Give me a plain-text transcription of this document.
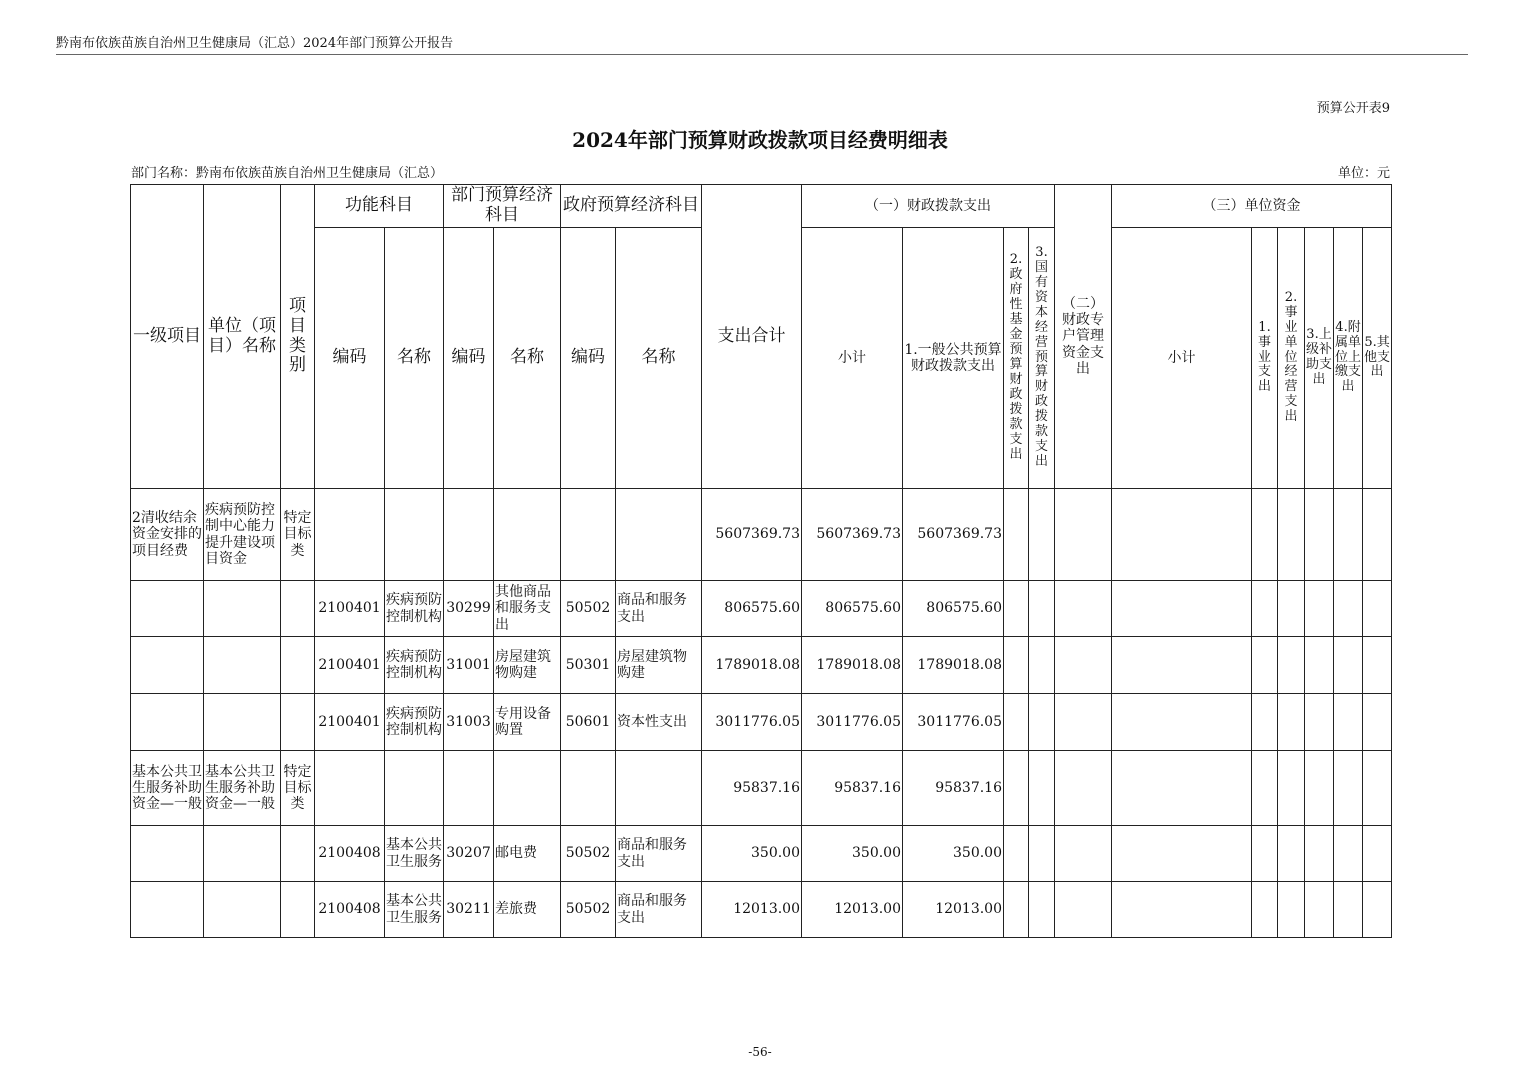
黔南布依族苗族自治州卫生健康局（汇总）2024年部门预算公开报告
预算公开表9
2024年部门预算财政拨款项目经费明细表
部门名称：黔南布依族苗族自治州卫生健康局（汇总）	单位：元
一级项目	单位（项目）名称	项目类别	功能科目		部门预算经济科目		政府预算经济科目		支出合计	（一）财政拨款支出				（二）财政专户管理资金支出	（三）单位资金					
			编码	名称	编码	名称	编码	名称		小计	1.一般公共预算财政拨款支出	2.政府性基金预算财政拨款支出	3.国有资本经营预算财政拨款支出		小计	1.事业支出	2.事业单位经营支出	3.上级补助支出	4.附属单位上缴支出	5.其他支出
2清收结余资金安排的项目经费	疾病预防控制中心能力提升建设项目资金	特定目标类							5607369.73	5607369.73	5607369.73									
			2100401	疾病预防控制机构	30299	其他商品和服务支出	50502	商品和服务支出	806575.60	806575.60	806575.60									
			2100401	疾病预防控制机构	31001	房屋建筑物购建	50301	房屋建筑物购建	1789018.08	1789018.08	1789018.08									
			2100401	疾病预防控制机构	31003	专用设备购置	50601	资本性支出	3011776.05	3011776.05	3011776.05									
基本公共卫生服务补助资金—一般	基本公共卫生服务补助资金—一般	特定目标类							95837.16	95837.16	95837.16									
			2100408	基本公共卫生服务	30207	邮电费	50502	商品和服务支出	350.00	350.00	350.00									
			2100408	基本公共卫生服务	30211	差旅费	50502	商品和服务支出	12013.00	12013.00	12013.00									
-56-
